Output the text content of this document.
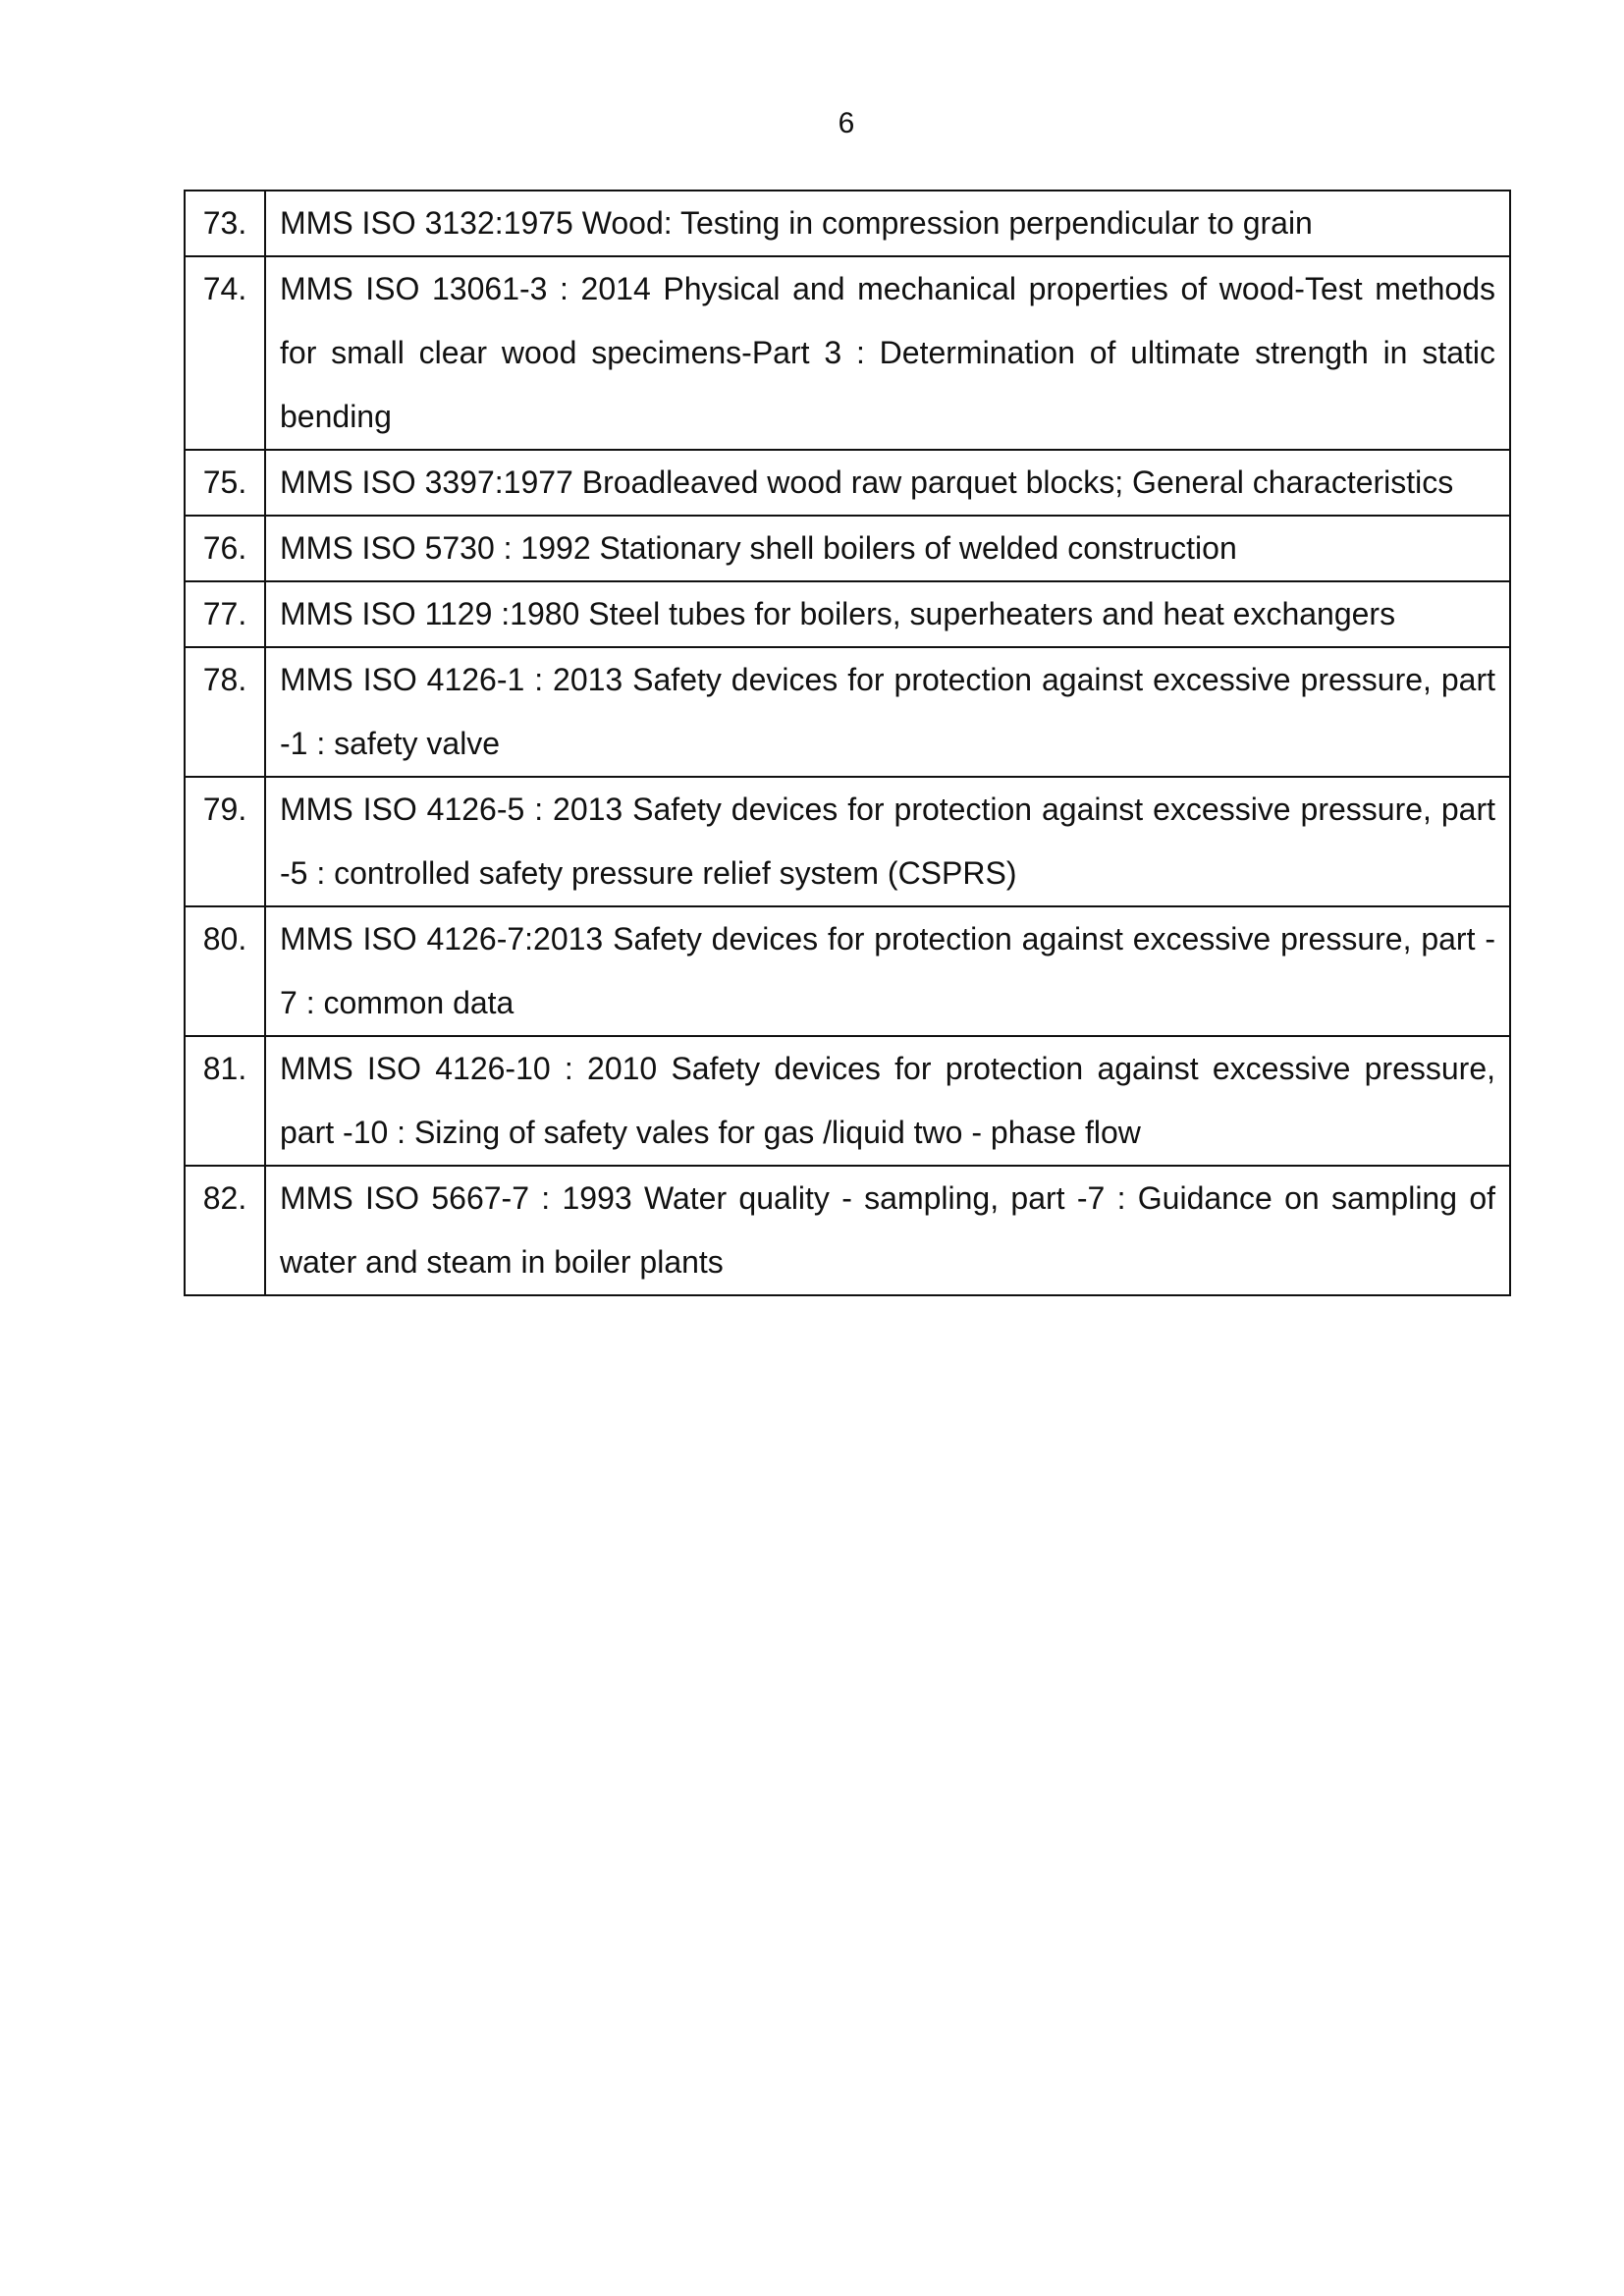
6
73.	MMS ISO 3132:1975 Wood: Testing in compression perpendicular to grain
74.	MMS ISO 13061-3 : 2014 Physical and mechanical properties of wood-Test methods for small clear wood specimens-Part 3 : Determination of ultimate strength in static bending
75.	MMS ISO 3397:1977 Broadleaved wood raw parquet blocks; General characteristics
76.	MMS ISO 5730 : 1992 Stationary shell boilers of welded construction
77.	MMS ISO 1129 :1980 Steel tubes for boilers, superheaters and heat exchangers
78.	MMS ISO 4126-1 : 2013 Safety devices for protection against excessive pressure, part -1 : safety valve
79.	MMS ISO 4126-5 : 2013 Safety devices for protection against excessive pressure, part -5 : controlled safety pressure relief system (CSPRS)
80.	MMS ISO 4126-7:2013 Safety devices for protection against excessive pressure, part - 7 : common data
81.	MMS ISO 4126-10 : 2010 Safety devices for protection against excessive pressure, part -10 : Sizing of safety vales for gas /liquid two - phase flow
82.	MMS ISO 5667-7 : 1993 Water quality - sampling, part -7 : Guidance on sampling of water and steam in boiler plants
